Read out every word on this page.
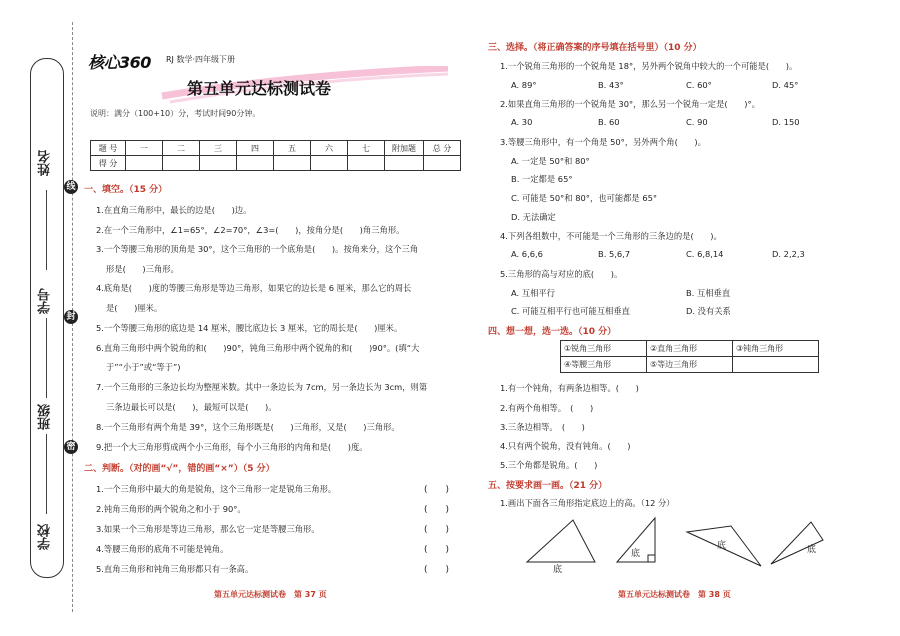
姓名
学号
班级
学校
线
封
密
核心360 RJ 数学·四年级下册
第五单元达标测试卷
说明：满分（100+10）分，考试时间90分钟。
题 号	一	二	三	四	五	六	七	附加题	总 分
得 分									
一、填空。（15 分）
1.在直角三角形中，最长的边是(　　)边。
2.在一个三角形中，∠1=65°，∠2=70°，∠3=(　　)，按角分是(　　)角三角形。
3.一个等腰三角形的顶角是 30°，这个三角形的一个底角是(　　)。按角来分，这个三角
形是(　　)三角形。
4.底角是(　　)度的等腰三角形是等边三角形，如果它的边长是 6 厘米，那么它的周长
是(　　)厘米。
5.一个等腰三角形的底边是 14 厘米，腰比底边长 3 厘米，它的周长是(　　)厘米。
6.直角三角形中两个锐角的和(　　)90°，钝角三角形中两个锐角的和(　　)90°。(填“大
于”“小于”或“等于”)
7.一个三角形的三条边长均为整厘米数。其中一条边长为 7cm，另一条边长为 3cm，则第
三条边最长可以是(　　)，最短可以是(　　)。
8.一个三角形有两个角是 39°，这个三角形既是(　　)三角形，又是(　　)三角形。
9.把一个大三角形剪成两个小三角形，每个小三角形的内角和是(　　)度。
二、判断。（对的画“√”，错的画“×”）（5 分）
1.一个三角形中最大的角是锐角，这个三角形一定是锐角三角形。
2.钝角三角形的两个锐角之和小于 90°。
3.如果一个三角形是等边三角形，那么它一定是等腰三角形。
4.等腰三角形的底角不可能是钝角。
5.直角三角形和钝角三角形都只有一条高。
(　　)
(　　)
(　　)
(　　)
(　　)
第五单元达标测试卷　第 37 页
三、选择。（将正确答案的序号填在括号里）（10 分）
1.一个锐角三角形的一个锐角是 18°，另外两个锐角中较大的一个可能是(　　)。
A. 89°	B. 43°	C. 60°	D. 45°
2.如果直角三角形的一个锐角是 30°，那么另一个锐角一定是(　　)°。
A. 30	B. 60	C. 90	D. 150
3.等腰三角形中，有一个角是 50°，另外两个角(　　)。
A. 一定是 50°和 80°
B. 一定都是 65°
C. 可能是 50°和 80°，也可能都是 65°
D. 无法确定
4.下列各组数中，不可能是一个三角形的三条边的是(　　)。
A. 6,6,6	B. 5,6,7	C. 6,8,14	D. 2,2,3
5.三角形的高与对应的底(　　)。
A. 互相平行	B. 互相垂直
C. 可能互相平行也可能互相垂直	D. 没有关系
四、想一想，选一选。（10 分）
①锐角三角形	②直角三角形	③钝角三角形
④等腰三角形	⑤等边三角形	
1.有一个钝角，有两条边相等。(　　)
2.有两个角相等。　(　　)
3.三条边相等。　(　　)
4.只有两个锐角，没有钝角。(　　)
5.三个角都是锐角。(　　)
五、按要求画一画。（21 分）
1.画出下面各三角形指定底边上的高。（12 分）
底
底
底	底
第五单元达标测试卷　第 38 页
